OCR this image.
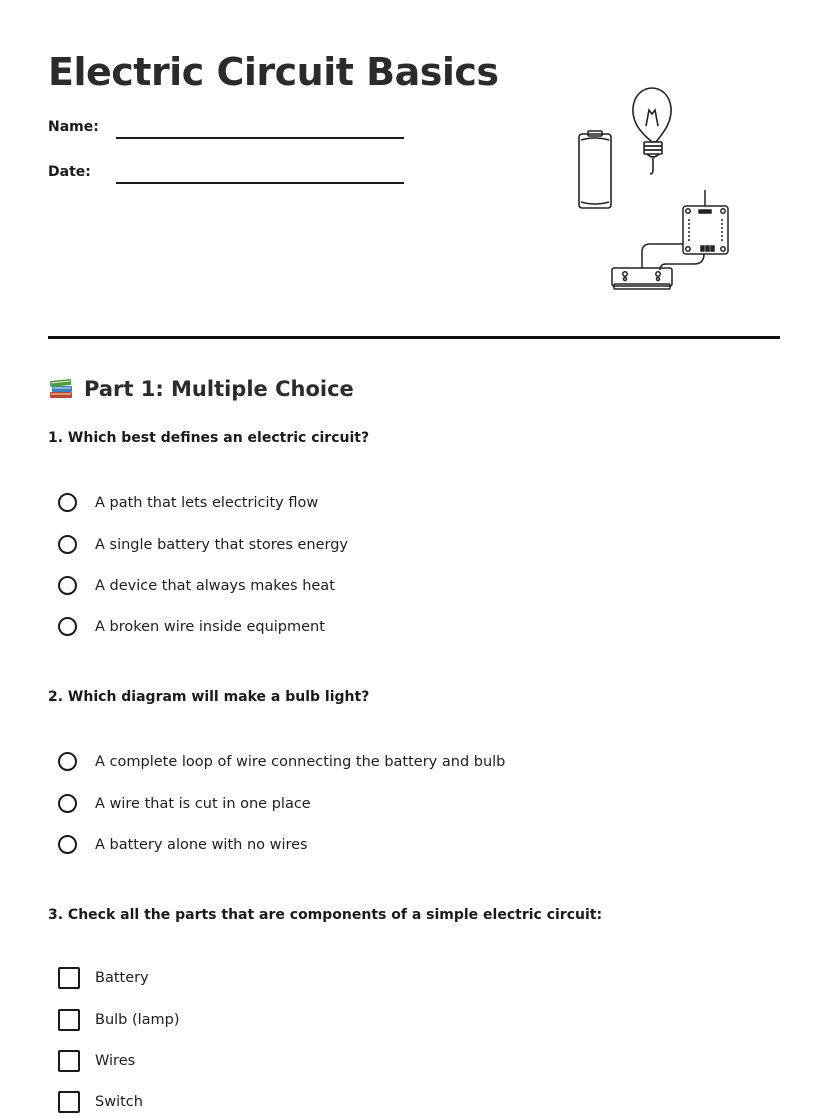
Electric Circuit Basics
Name:
Date:
Part 1: Multiple Choice

1. Which best defines an electric circuit?

A path that lets electricity flow
A single battery that stores energy
A device that always makes heat
A broken wire inside equipment

2. Which diagram will make a bulb light?

A complete loop of wire connecting the battery and bulb
A wire that is cut in one place
A battery alone with no wires

3. Check all the parts that are components of a simple electric circuit:

Battery
Bulb (lamp)
Wires
Switch
